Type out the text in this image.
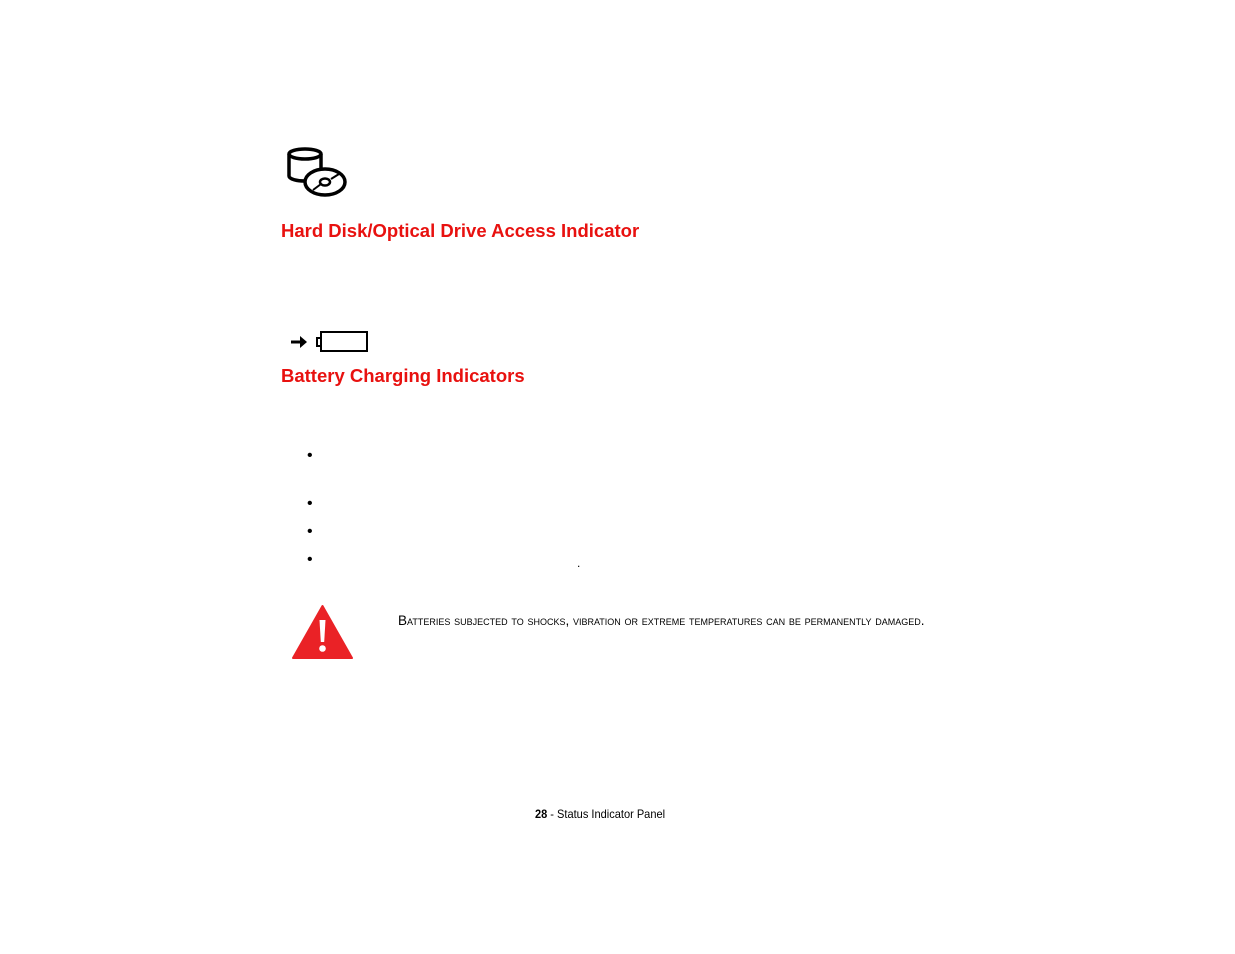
Hard Disk/Optical Drive Access Indicator
Battery Charging Indicators
•
•
•
•	.

Batteries subjected to shocks, vibration or extreme temperatures can be permanently damaged.

28 - Status Indicator Panel
